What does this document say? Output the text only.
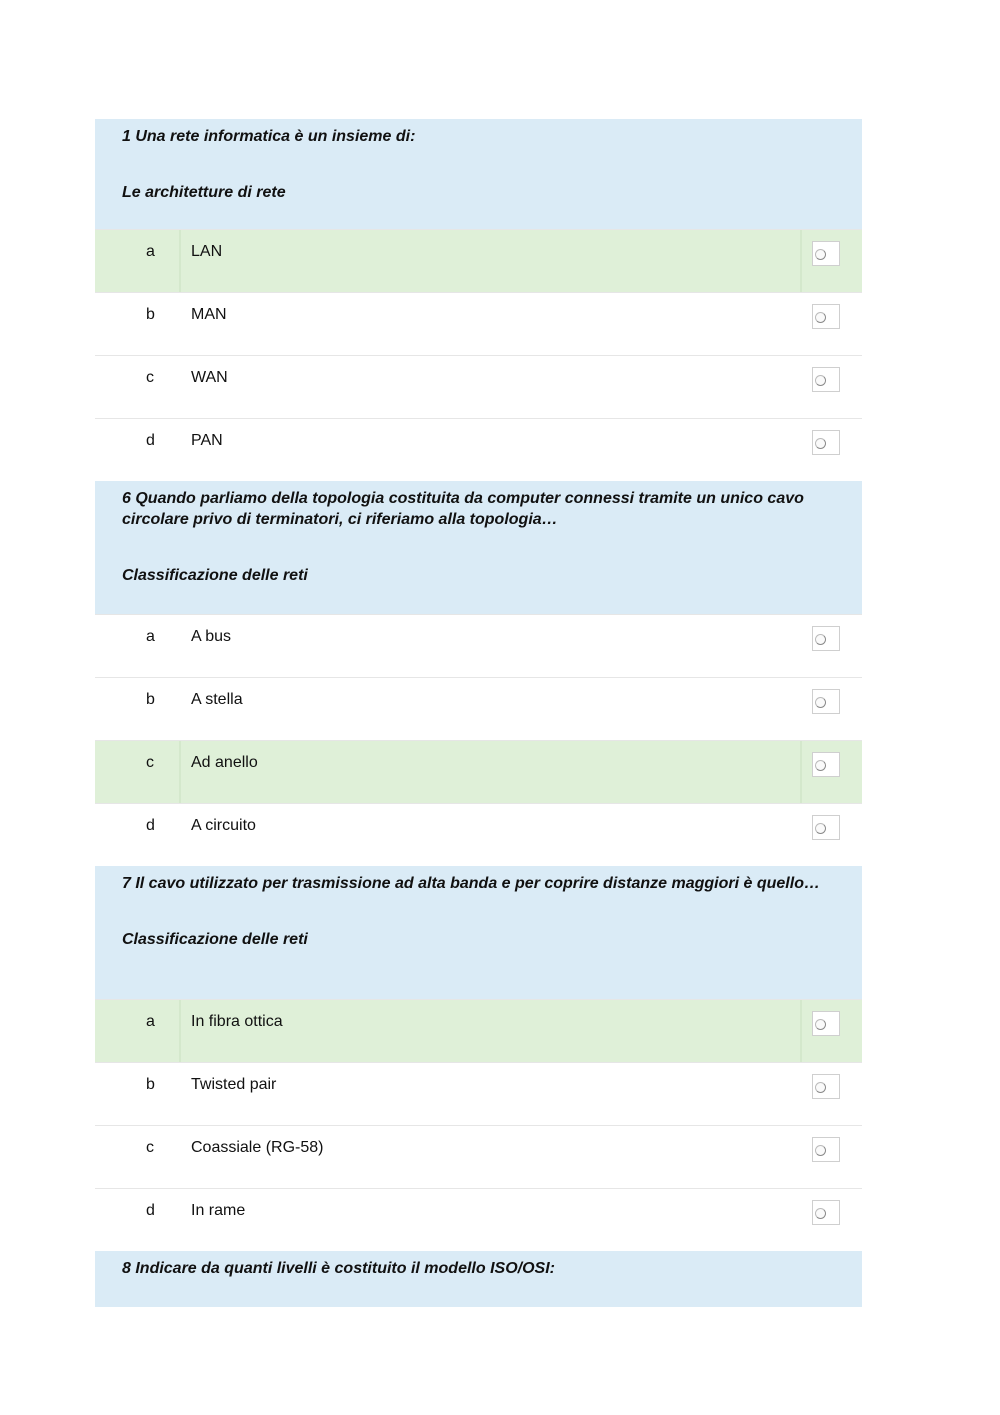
1 Una rete informatica è un insieme di:
Le architetture di rete
a LAN
b MAN
c WAN
d PAN
6 Quando parliamo della topologia costituita da computer connessi tramite un unico cavo circolare privo di terminatori, ci riferiamo alla topologia…
Classificazione delle reti
a A bus
b A stella
c Ad anello
d A circuito
7 Il cavo utilizzato per trasmissione ad alta banda e per coprire distanze maggiori è quello…
Classificazione delle reti
a In fibra ottica
b Twisted pair
c Coassiale (RG-58)
d In rame
8 Indicare da quanti livelli è costituito il modello ISO/OSI:
